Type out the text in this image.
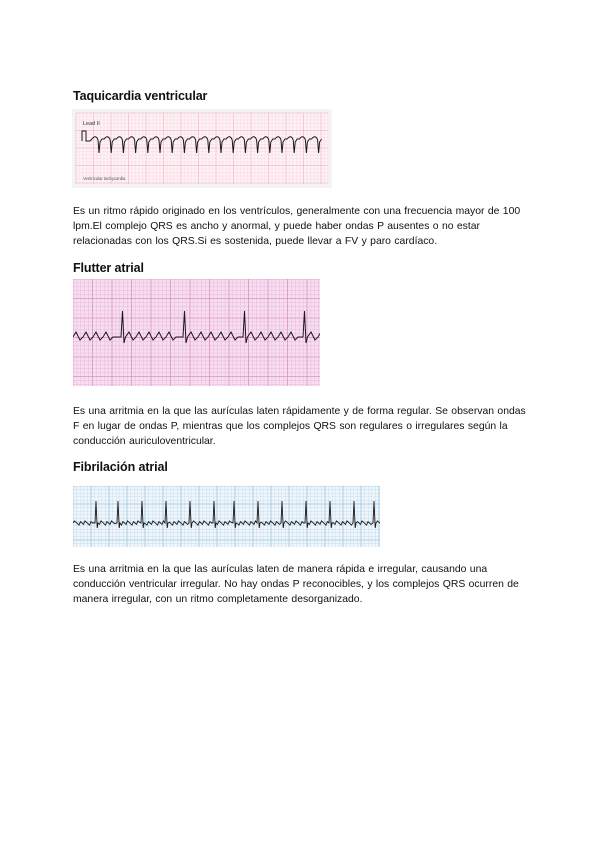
Taquicardia ventricular
Lead II
Ventricular tachycardia

Es un ritmo rápido originado en los ventrículos, generalmente con una frecuencia mayor de 100 lpm.El complejo QRS es ancho y anormal, y puede haber ondas P ausentes o no estar relacionadas con los QRS.Si es sostenida, puede llevar a FV y paro cardíaco.

Flutter atrial

Es una arritmia en la que las aurículas laten rápidamente y de forma regular. Se observan ondas F en lugar de ondas P, mientras que los complejos QRS son regulares o irregulares según la conducción auriculoventricular.

Fibrilación atrial

Es una arritmia en la que las aurículas laten de manera rápida e irregular, causando una conducción ventricular irregular. No hay ondas P reconocibles, y los complejos QRS ocurren de manera irregular, con un ritmo completamente desorganizado.
